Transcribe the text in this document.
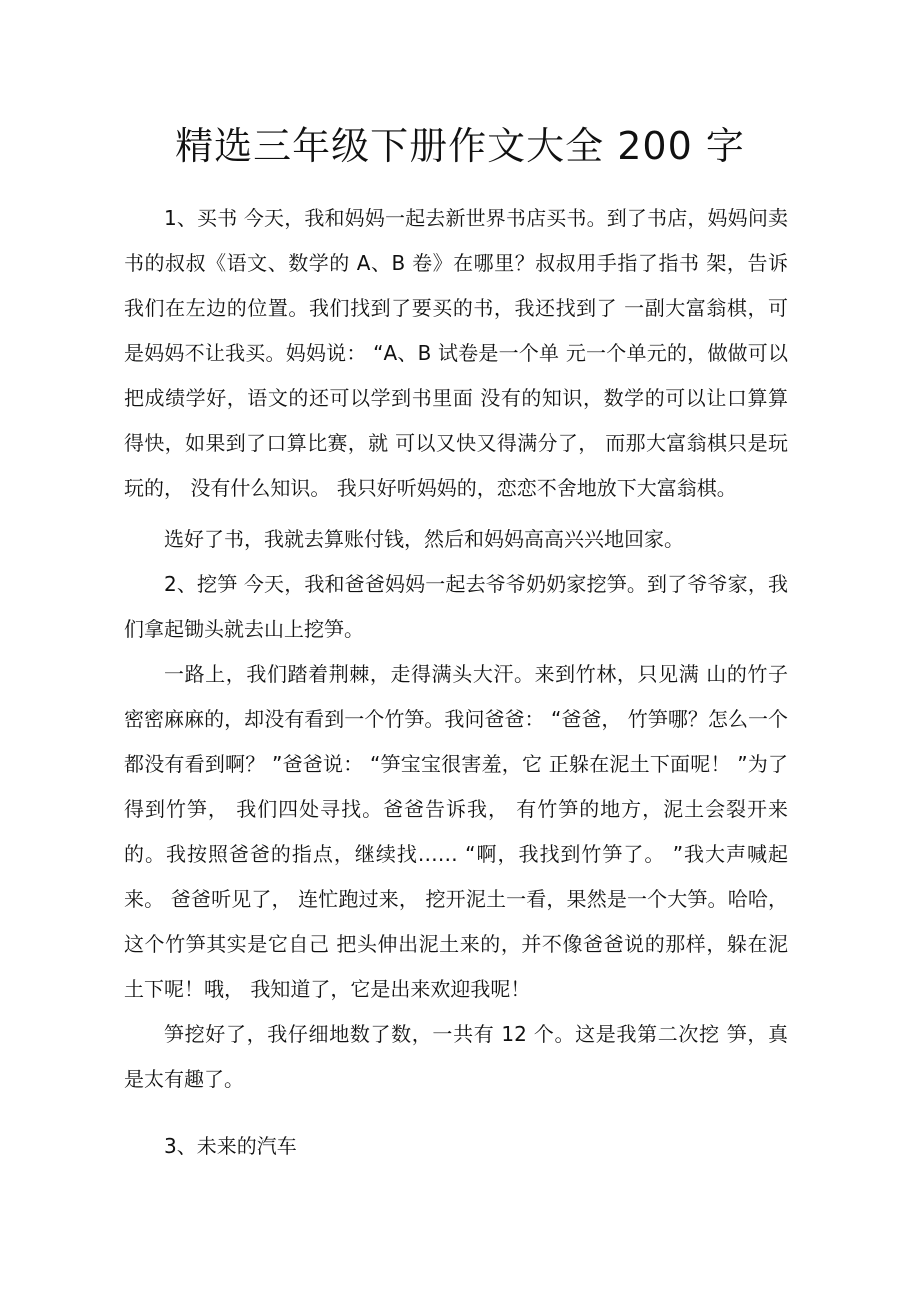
精选三年级下册作文大全 200 字

1、买书 今天，我和妈妈一起去新世界书店买书。到了书店，妈妈问卖书的叔叔《语文、数学的 A、B 卷》在哪里？叔叔用手指了指书 架，告诉我们在左边的位置。我们找到了要买的书，我还找到了 一副大富翁棋，可是妈妈不让我买。妈妈说： “A、B 试卷是一个单 元一个单元的，做做可以把成绩学好，语文的还可以学到书里面 没有的知识，数学的可以让口算算得快，如果到了口算比赛，就 可以又快又得满分了， 而那大富翁棋只是玩玩的， 没有什么知识。 我只好听妈妈的，恋恋不舍地放下大富翁棋。

选好了书，我就去算账付钱，然后和妈妈高高兴兴地回家。

2、挖笋 今天，我和爸爸妈妈一起去爷爷奶奶家挖笋。到了爷爷家，我们拿起锄头就去山上挖笋。

一路上，我们踏着荆棘，走得满头大汗。来到竹林，只见满 山的竹子密密麻麻的，却没有看到一个竹笋。我问爸爸： “爸爸， 竹笋哪？怎么一个都没有看到啊？ ”爸爸说： “笋宝宝很害羞，它 正躲在泥土下面呢！ ”为了得到竹笋， 我们四处寻找。爸爸告诉我， 有竹笋的地方，泥土会裂开来的。我按照爸爸的指点，继续找…… “啊，我找到竹笋了。 ”我大声喊起来。 爸爸听见了， 连忙跑过来， 挖开泥土一看，果然是一个大笋。哈哈，这个竹笋其实是它自己 把头伸出泥土来的，并不像爸爸说的那样，躲在泥土下呢！哦， 我知道了，它是出来欢迎我呢！

笋挖好了，我仔细地数了数，一共有 12 个。这是我第二次挖 笋，真是太有趣了。

3、未来的汽车
